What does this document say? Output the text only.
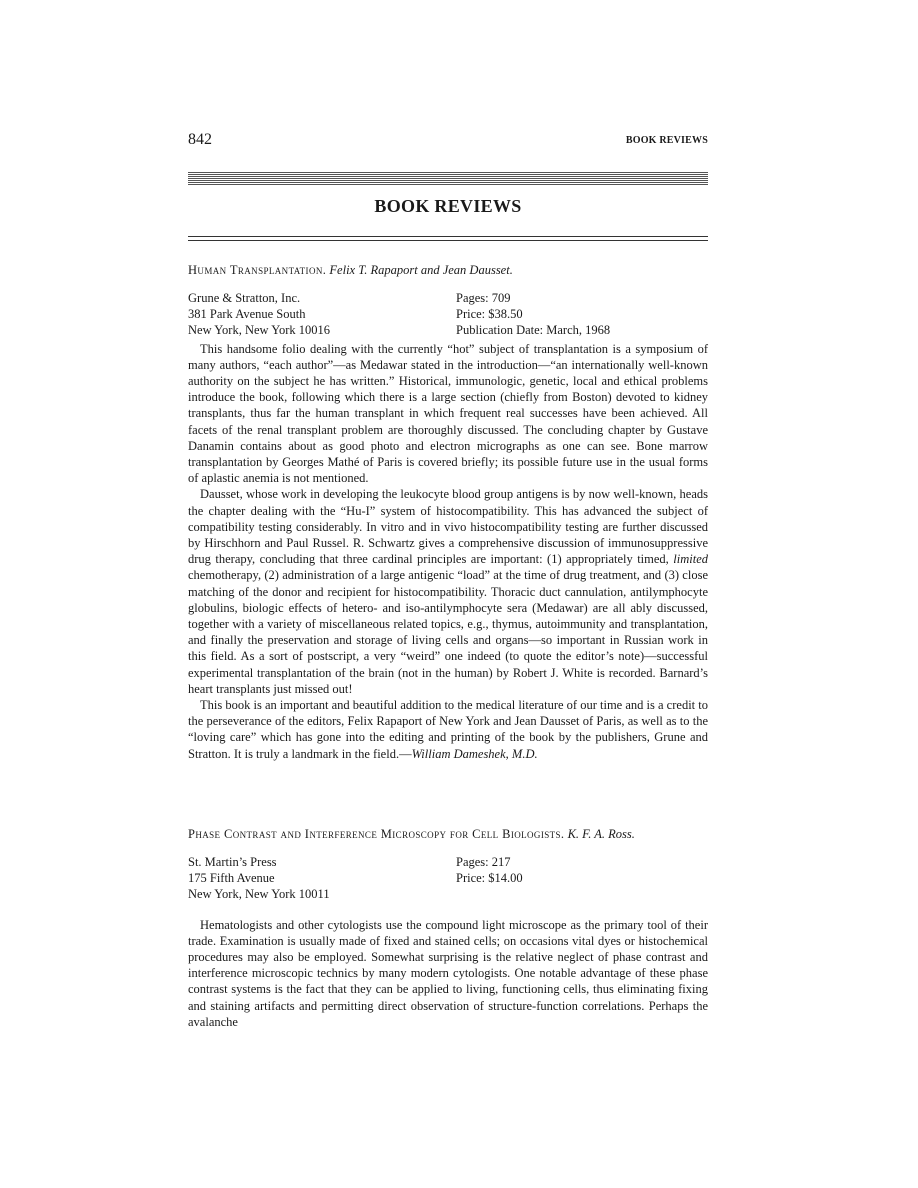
842	BOOK REVIEWS
BOOK REVIEWS
Human Transplantation. Felix T. Rapaport and Jean Dausset.
Grune & Stratton, Inc.
381 Park Avenue South
New York, New York 10016
Pages: 709
Price: $38.50
Publication Date: March, 1968

This handsome folio dealing with the currently “hot” subject of transplantation is a symposium of many authors, “each author”—as Medawar stated in the introduction—“an internationally well-known authority on the subject he has written.” Historical, immunologic, genetic, local and ethical problems introduce the book, following which there is a large section (chiefly from Boston) devoted to kidney transplants, thus far the human transplant in which frequent real successes have been achieved. All facets of the renal transplant problem are thoroughly discussed. The concluding chapter by Gustave Danamin contains about as good photo and electron micrographs as one can see. Bone marrow transplantation by Georges Mathé of Paris is covered briefly; its possible future use in the usual forms of aplastic anemia is not mentioned.

Dausset, whose work in developing the leukocyte blood group antigens is by now well-known, heads the chapter dealing with the “Hu-I” system of histocompatibility. This has advanced the subject of compatibility testing considerably. In vitro and in vivo histocompatibility testing are further discussed by Hirschhorn and Paul Russel. R. Schwartz gives a comprehensive discussion of immunosuppressive drug therapy, concluding that three cardinal principles are important: (1) appropriately timed, limited chemotherapy, (2) administration of a large antigenic “load” at the time of drug treatment, and (3) close matching of the donor and recipient for histocompatibility. Thoracic duct cannulation, antilymphocyte globulins, biologic effects of hetero- and iso-antilymphocyte sera (Medawar) are all ably discussed, together with a variety of miscellaneous related topics, e.g., thymus, autoimmunity and transplantation, and finally the preservation and storage of living cells and organs—so important in Russian work in this field. As a sort of postscript, a very “weird” one indeed (to quote the editor’s note)—successful experimental transplantation of the brain (not in the human) by Robert J. White is recorded. Barnard’s heart transplants just missed out!

This book is an important and beautiful addition to the medical literature of our time and is a credit to the perseverance of the editors, Felix Rapaport of New York and Jean Dausset of Paris, as well as to the “loving care” which has gone into the editing and printing of the book by the publishers, Grune and Stratton. It is truly a landmark in the field.—William Dameshek, M.D.

Phase Contrast and Interference Microscopy for Cell Biologists. K. F. A. Ross.
St. Martin’s Press
175 Fifth Avenue
New York, New York 10011
Pages: 217
Price: $14.00

Hematologists and other cytologists use the compound light microscope as the primary tool of their trade. Examination is usually made of fixed and stained cells; on occasions vital dyes or histochemical procedures may also be employed. Somewhat surprising is the relative neglect of phase contrast and interference microscopic technics by many modern cytologists. One notable advantage of these phase contrast systems is the fact that they can be applied to living, functioning cells, thus eliminating fixing and staining artifacts and permitting direct observation of structure-function correlations. Perhaps the avalanche
